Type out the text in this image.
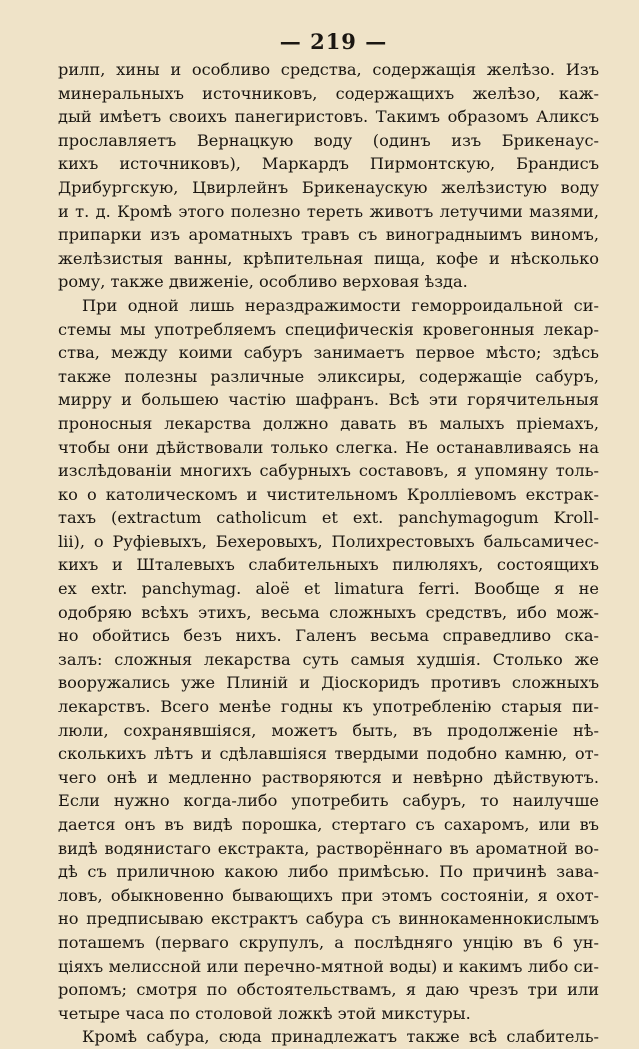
— 219 —
рилп, хины и особливо средства, содержащія желѣзо. Изъ
минеральныхъ источниковъ, содержащихъ желѣзо, каж-
дый имѣетъ своихъ панегиристовъ. Такимъ образомъ Аликсъ
прославляетъ Вернацкую воду (одинъ изъ Брикенаус-
кихъ источниковъ), Маркардъ Пирмонтскую, Брандисъ
Дрибургскую, Цвирлейнъ Брикенаускую желѣзистую воду
и т. д. Кромѣ этого полезно тереть животъ летучими мазями,
припарки изъ ароматныхъ травъ съ виноградныимъ виномъ,
желѣзистыя ванны, крѣпительная пища, кофе и нѣсколько
рому, также движеніе, особливо верховая ѣзда.
При одной лишь нераздражимости геморроидальной си-
стемы мы употребляемъ специфическія кровегонныя лекар-
ства, между коими сабуръ занимаетъ первое мѣсто; здѣсь
также полезны различные эликсиры, содержащіе сабуръ,
мирру и большею частію шафранъ. Всѣ эти горячительныя
проносныя лекарства должно давать въ малыхъ пріемахъ,
чтобы они дѣйствовали только слегка. Не останавливаясь на
изслѣдованіи многихъ сабурныхъ составовъ, я упомяну толь-
ко о католическомъ и чистительномъ Кролліевомъ екстрак-
тахъ (extractum catholicum et ext. panchymagogum Kroll-
lii), о Руфіевыхъ, Бехеровыхъ, Полихрестовыхъ бальсамичес-
кихъ и Шталевыхъ слабительныхъ пилюляхъ, состоящихъ
ex extr. panchymag. aloë et limatura ferri. Вообще я не
одобряю всѣхъ этихъ, весьма сложныхъ средствъ, ибо мож-
но обойтись безъ нихъ. Галенъ весьма справедливо ска-
залъ: сложныя лекарства суть самыя худшія. Столько же
вооружались уже Плиній и Діоскоридъ противъ сложныхъ
лекарствъ. Всего менѣе годны къ употребленію старыя пи-
люли, сохранявшіяся, можетъ быть, въ продолженіе нѣ-
сколькихъ лѣтъ и сдѣлавшіяся твердыми подобно камню, от-
чего онѣ и медленно растворяются и невѣрно дѣйствуютъ.
Если нужно когда-либо употребить сабуръ, то наилучше
дается онъ въ видѣ порошка, стертаго съ сахаромъ, или въ
видѣ водянистаго екстракта, растворённаго въ ароматной во-
дѣ съ приличною какою либо примѣсью. По причинѣ зава-
ловъ, обыкновенно бывающихъ при этомъ состояніи, я охот-
но предписываю екстрактъ сабура съ виннокаменнокислымъ
поташемъ (перваго скрупулъ, а послѣдняго унцію въ 6 ун-
ціяхъ мелиссной или перечно-мятной воды) и какимъ либо си-
ропомъ; смотря по обстоятельствамъ, я даю чрезъ три или
четыре часа по столовой ложкѣ этой микстуры.
Кромѣ сабура, сюда принадлежатъ также всѣ слабитель-
